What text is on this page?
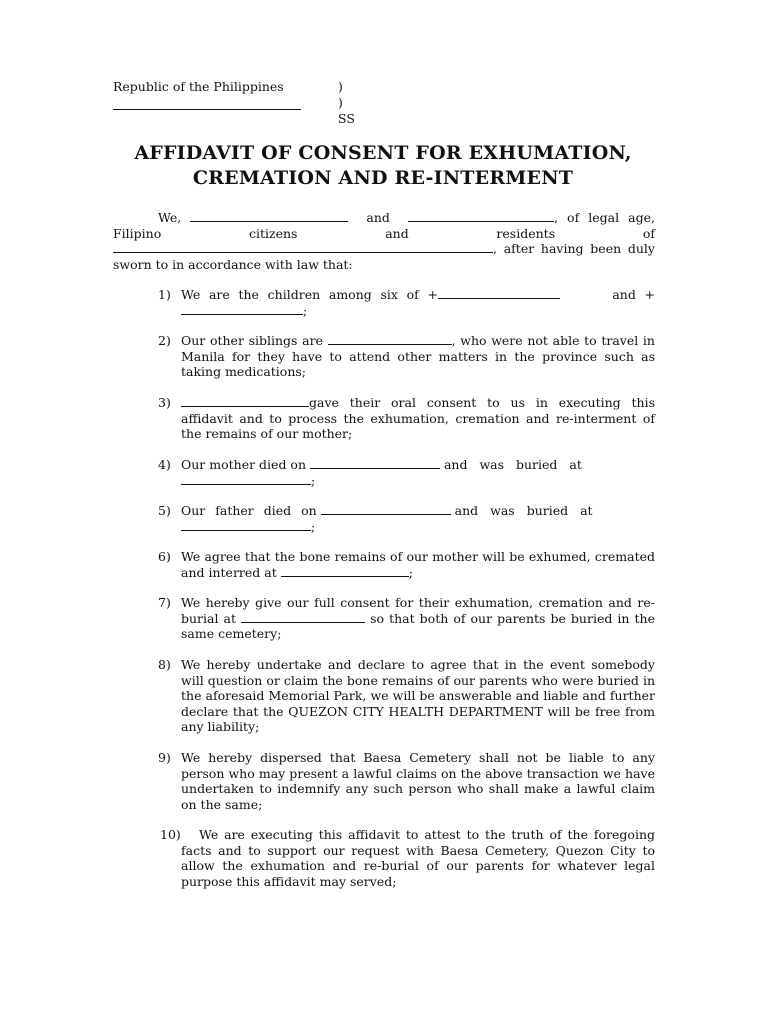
Republic of the Philippines	)
) SS
AFFIDAVIT OF CONSENT FOR EXHUMATION,
CREMATION AND RE-INTERMENT

We,	and	, of legal age,

Filipino citizens and residents of

, after having been duly sworn to in accordance with law that:

1) We are the children among six of +	and +;
2) Our other siblings are	, who were not able to travel in Manila for they have to attend other matters in the province such as taking medications;
3)	gave their oral consent to us in executing this affidavit and to process the exhumation, cremation and re-interment of the remains of our mother;
4) Our mother died on	and was buried at
;
5) Our father died on	and was buried at
;
6) We agree that the bone remains of our mother will be exhumed, cremated and interred at	;
7) We hereby give our full consent for their exhumation, cremation and re-burial at	so that both of our parents be buried in the same cemetery;
8) We hereby undertake and declare to agree that in the event somebody will question or claim the bone remains of our parents who were buried in the aforesaid Memorial Park, we will be answerable and liable and further declare that the QUEZON CITY HEALTH DEPARTMENT will be free from any liability;
9) We hereby dispersed that Baesa Cemetery shall not be liable to any person who may present a lawful claims on the above transaction we have undertaken to indemnify any such person who shall make a lawful claim on the same;
10)	We are executing this affidavit to attest to the truth of the foregoing facts and to support our request with Baesa Cemetery, Quezon City to allow the exhumation and re-burial of our parents for whatever legal purpose this affidavit may served;
